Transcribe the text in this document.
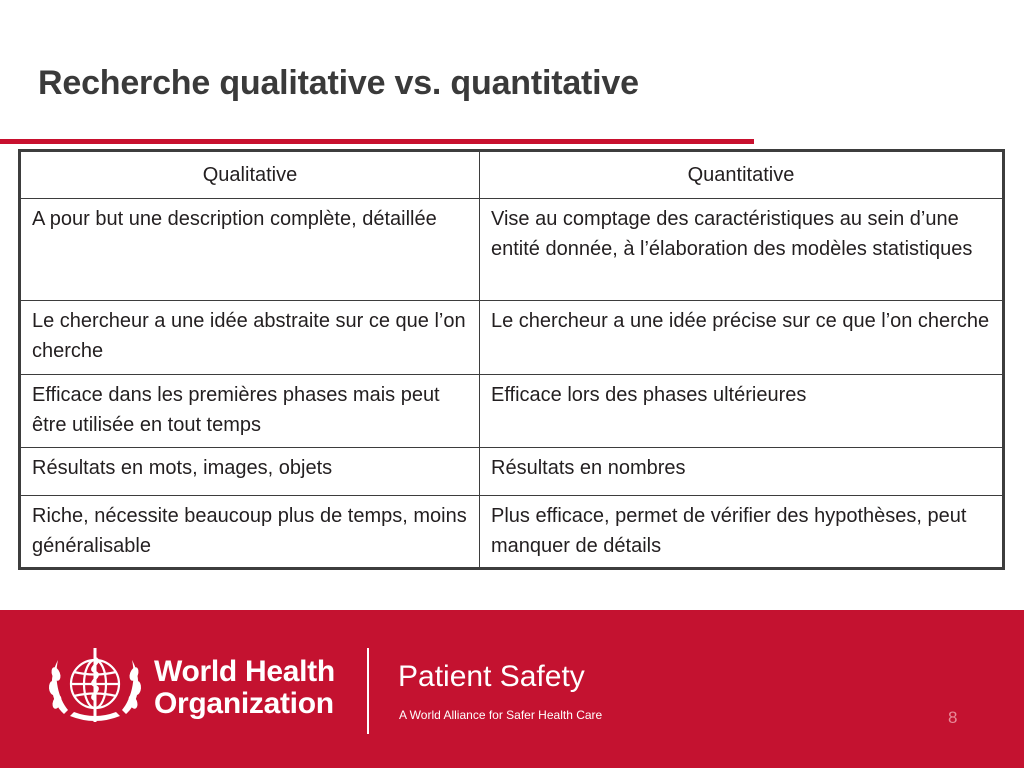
Recherche qualitative vs. quantitative
Qualitative	Quantitative
A pour but une description complète, détaillée	Vise au comptage des caractéristiques au sein d’une entité donnée, à l’élaboration des modèles statistiques
Le chercheur a une idée abstraite sur ce que l’on cherche	Le chercheur a une idée précise sur ce que l’on cherche
Efficace dans les premières phases mais peut être utilisée en tout temps	Efficace lors des phases ultérieures
Résultats en mots, images, objets	Résultats en nombres
Riche, nécessite beaucoup plus de temps, moins généralisable	Plus efficace, permet de vérifier des hypothèses, peut manquer de détails
World Health
Organization
Patient Safety
A World Alliance for Safer Health Care	8
